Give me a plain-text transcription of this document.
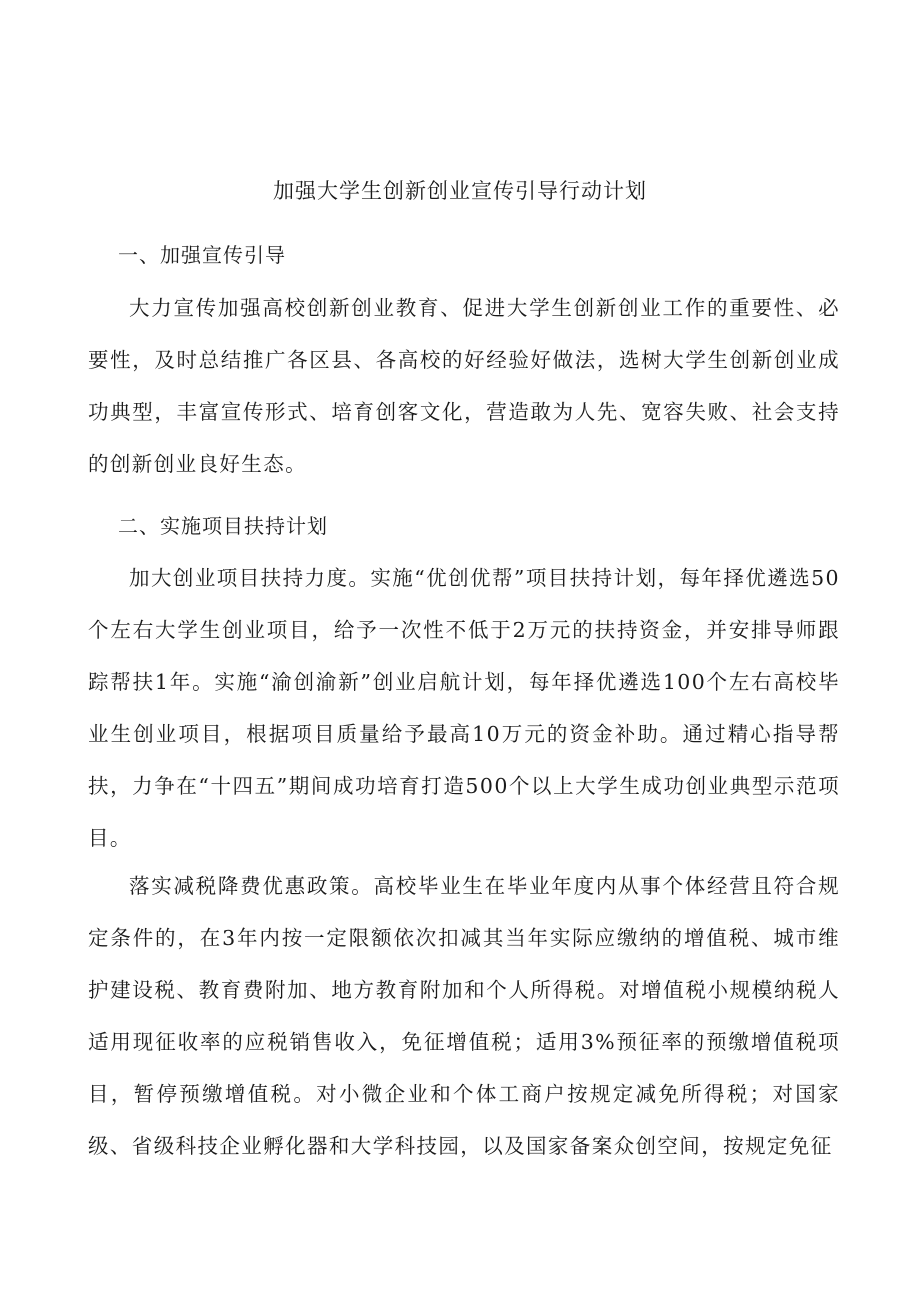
加强大学生创新创业宣传引导行动计划
一、加强宣传引导

大力宣传加强高校创新创业教育、促进大学生创新创业工作的重要性、必要性，及时总结推广各区县、各高校的好经验好做法，选树大学生创新创业成功典型，丰富宣传形式、培育创客文化，营造敢为人先、宽容失败、社会支持的创新创业良好生态。

二、实施项目扶持计划

加大创业项目扶持力度。实施“优创优帮”项目扶持计划，每年择优遴选50个左右大学生创业项目，给予一次性不低于2万元的扶持资金，并安排导师跟踪帮扶1年。实施“渝创渝新”创业启航计划，每年择优遴选100个左右高校毕业生创业项目，根据项目质量给予最高10万元的资金补助。通过精心指导帮扶，力争在“十四五”期间成功培育打造500个以上大学生成功创业典型示范项目。

落实减税降费优惠政策。高校毕业生在毕业年度内从事个体经营且符合规定条件的，在3年内按一定限额依次扣减其当年实际应缴纳的增值税、城市维护建设税、教育费附加、地方教育附加和个人所得税。对增值税小规模纳税人适用现征收率的应税销售收入，免征增值税；适用3%预征率的预缴增值税项目，暂停预缴增值税。对小微企业和个体工商户按规定减免所得税；对国家级、省级科技企业孵化器和大学科技园，以及国家备案众创空间，按规定免征
